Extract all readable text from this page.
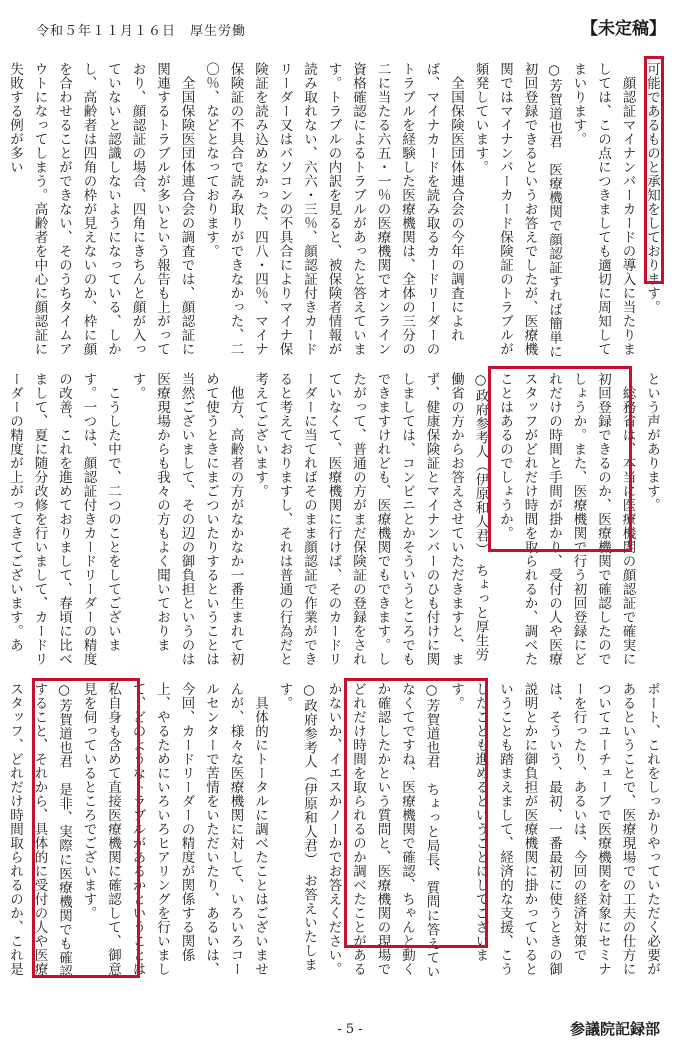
令和５年１１月１６日　厚生労働	【未定稿】
可能であるものと承知をしております。
　顔認証マイナンバーカードの導入に当たりましては、この点につきましても適切に周知してまいります。
○芳賀道也君　医療機関で顔認証すれば簡単に初回登録できるというお答えでしたが、医療機関ではマイナンバーカード保険証のトラブルが頻発しています。
　全国保険医団体連合会の今年の調査によれば、マイナカードを読み取るカードリーダーのトラブルを経験した医療機関は、全体の三分の二に当たる六五・一％の医療機関でオンライン資格確認によるトラブルがあったと答えています。トラブルの内訳を見ると、被保険者情報が読み取れない、六六・三％、顔認証付きカードリーダー又はパソコンの不具合によりマイナ保険証を読み込めなかった、四八・四％、マイナ保険証の不具合で読み取りができなかった、二〇％、などとなっております。
　全国保険医団体連合会の調査では、顔認証に関連するトラブルが多いという報告も上がっており、顔認証の場合、四角にきちんと顔が入っていないと認識しないようになっている、しかし、高齢者は四角の枠が見えないのか、枠に顔を合わせることができない、そのうちタイムアウトになってしまう。高齢者を中心に顔認証に失敗する例が多い
という声があります。
　総務省は、本当に医療機関の顔認証で確実に初回登録できるのか、医療機関で確認したのでしょうか。また、医療機関で行う初回登録にどれだけの時間と手間が掛かり、受付の人や医療スタッフがどれだけ時間を取られるか、調べたことはあるのでしょうか。
○政府参考人（伊原和人君）　ちょっと厚生労働省の方からお答えさせていただきますと、まず、健康保険証とマイナンバーのひも付けに関しましては、コンビニとかそういうところでもできますけれども、医療機関でもできます。したがって、普通の方がまだ保険証の登録をされていなくて、医療機関に行けば、そのカードリーダーに当てればそのまま顔認証で作業ができると考えておりますし、それは普通の行為だと考えてございます。
　他方、高齢者の方がなかなか一番生まれて初めて使うときにまごついたりするということは当然ございまして、その辺の御負担というのは医療現場からも我々の方もよく聞いております。
　こうした中で、二つのことをしてございます。一つは、顔認証付きカードリーダーの精度の改善、これを進めておりまして、春頃に比べまして、夏に随分改修を行いまして、カードリーダーの精度が上がってきてございます。あ
ポート、これをしっかりやっていただく必要があるということで、医療現場での工夫の仕方についてユーチューブで医療機関を対象にセミナーを行ったり、あるいは、今回の経済対策では、そういう、最初、一番最初に使うときの御説明とかに御負担が医療機関に掛かっているということも踏まえまして、経済的な支援、こうしたことも進めるということにしてございます。
○芳賀道也君　ちょっと局長、質問に答えていなくてですね、医療機関で確認、ちゃんと動くか確認したかという質問と、医療機関の現場でどれだけ時間を取られるのか調べたことがあるかないか、イエスかノーかでお答えください。
○政府参考人（伊原和人君）　お答えいたします。
　具体的にトータルに調べたことはございませんが、様々な医療機関に対して、いろいろコールセンターで苦情をいただいたり、あるいは、今回、カードリーダーの精度が関係する関係上、やるためにいろいろヒアリングを行いまして、どのようなトラブルがあるかということは私自身も含めて直接医療機関に確認して、御意見を伺っているところでございます。
○芳賀道也君　是非、実際に医療機関でも確認すること、それから、具体的に受付の人や医療スタッフ、どれだけ時間取られるのか、これ是
- 5 -	参議院記録部
